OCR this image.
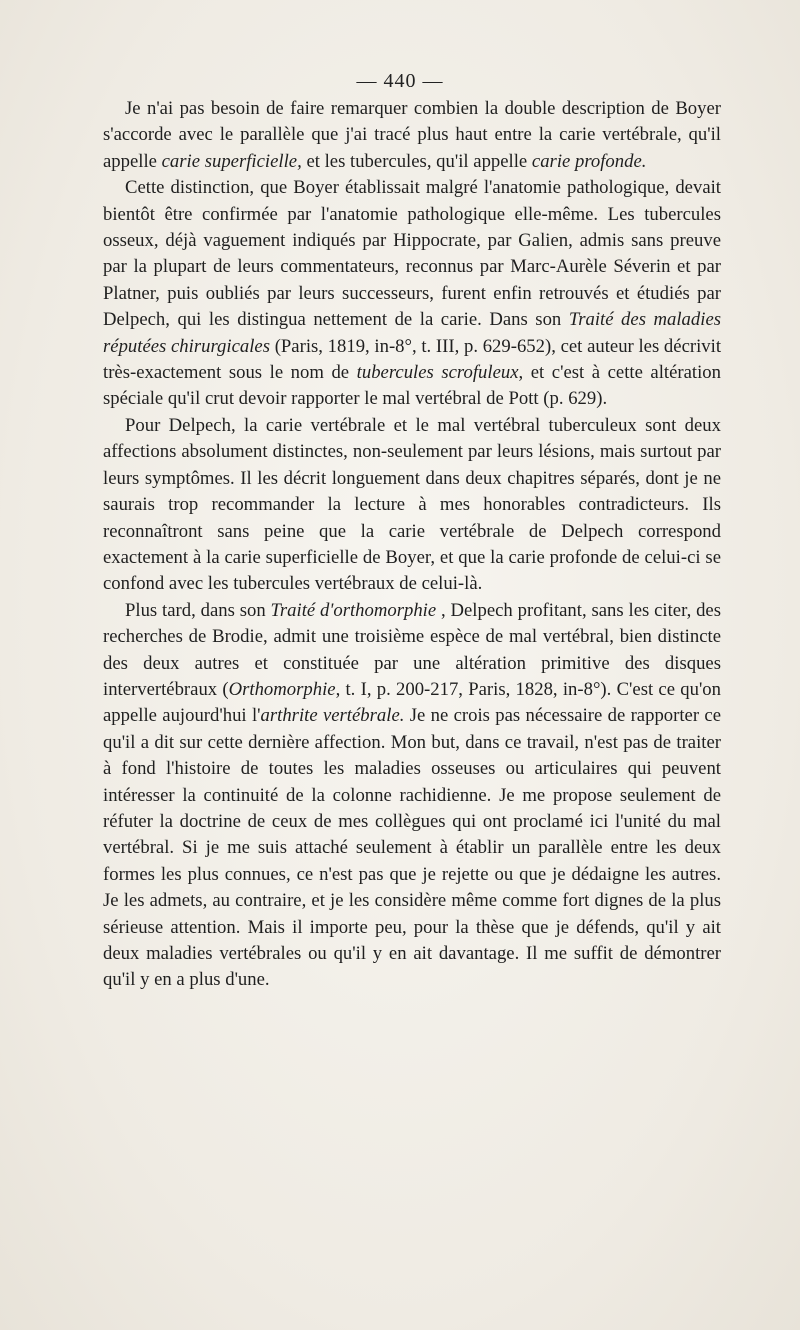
— 440 —

Je n'ai pas besoin de faire remarquer combien la double description de Boyer s'accorde avec le parallèle que j'ai tracé plus haut entre la carie vertébrale, qu'il appelle carie superficielle, et les tubercules, qu'il appelle carie profonde.

Cette distinction, que Boyer établissait malgré l'anatomie pathologique, devait bientôt être confirmée par l'anatomie pathologique elle-même. Les tubercules osseux, déjà vaguement indiqués par Hippocrate, par Galien, admis sans preuve par la plupart de leurs commentateurs, reconnus par Marc-Aurèle Séverin et par Platner, puis oubliés par leurs successeurs, furent enfin retrouvés et étudiés par Delpech, qui les distingua nettement de la carie. Dans son Traité des maladies réputées chirurgicales (Paris, 1819, in-8°, t. III, p. 629-652), cet auteur les décrivit très-exactement sous le nom de tubercules scrofuleux, et c'est à cette altération spéciale qu'il crut devoir rapporter le mal vertébral de Pott (p. 629).

Pour Delpech, la carie vertébrale et le mal vertébral tuberculeux sont deux affections absolument distinctes, non-seulement par leurs lésions, mais surtout par leurs symptômes. Il les décrit longuement dans deux chapitres séparés, dont je ne saurais trop recommander la lecture à mes honorables contradicteurs. Ils reconnaîtront sans peine que la carie vertébrale de Delpech correspond exactement à la carie superficielle de Boyer, et que la carie profonde de celui-ci se confond avec les tubercules vertébraux de celui-là.

Plus tard, dans son Traité d'orthomorphie , Delpech profitant, sans les citer, des recherches de Brodie, admit une troisième espèce de mal vertébral, bien distincte des deux autres et constituée par une altération primitive des disques intervertébraux (Orthomorphie, t. I, p. 200-217, Paris, 1828, in-8°). C'est ce qu'on appelle aujourd'hui l'arthrite vertébrale. Je ne crois pas nécessaire de rapporter ce qu'il a dit sur cette dernière affection. Mon but, dans ce travail, n'est pas de traiter à fond l'histoire de toutes les maladies osseuses ou articulaires qui peuvent intéresser la continuité de la colonne rachidienne. Je me propose seulement de réfuter la doctrine de ceux de mes collègues qui ont proclamé ici l'unité du mal vertébral. Si je me suis attaché seulement à établir un parallèle entre les deux formes les plus connues, ce n'est pas que je rejette ou que je dédaigne les autres. Je les admets, au contraire, et je les considère même comme fort dignes de la plus sérieuse attention. Mais il importe peu, pour la thèse que je défends, qu'il y ait deux maladies vertébrales ou qu'il y en ait davantage. Il me suffit de démontrer qu'il y en a plus d'une.
